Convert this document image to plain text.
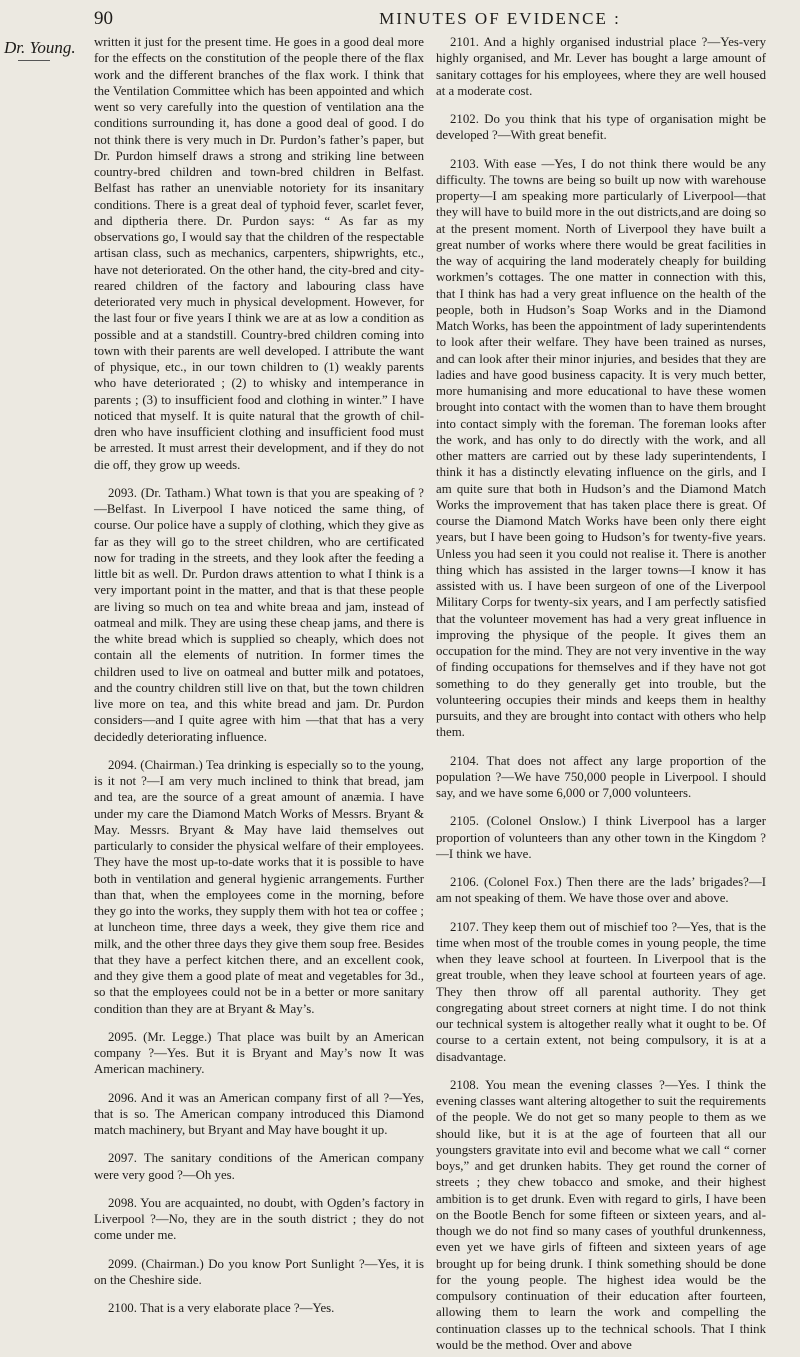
90	MINUTES OF EVIDENCE :
Dr. Young. written it just for the present time. He goes in a good deal more for the effects on the constitution of the people there of the flax work and the different branches of the flax work. I think that the Ventilation Committee which has been appointed and which went so very carefully into the question of ventilation ana the conditions surrounding it, has done a good deal of good. I do not think there is very much in Dr. Purdon’s father’s paper, but Dr. Purdon himself draws a strong and striking line between country-bred children and town-bred children in Belfast. Belfast has rather an unenviable notoriety for its insanitary conditions. There is a great deal of typhoid fever, scarlet fever, and diptheria there. Dr. Purdon says: “ As far as my observations go, I would say that the children of the respectable artisan class, such as mechanics, carpenters, shipwrights, etc., have not deteriorated. On the other hand, the city-bred and city-reared children of the factory and labouring class have deteriorated very much in physical development. However, for the last four or five years I think we are at as low a condition as possible and at a standstill. Country-bred children coming into town with their parents are well developed. I attribute the want of physique, etc., in our town children to (1) weakly parents who have deteriorated ; (2) to whisky and intemperance in parents ; (3) to insufficient food and clothing in winter.” I have noticed that myself. It is quite natural that the growth of children who have insufficient clothing and insufficient food must be arrested. It must arrest their development, and if they do not die off, they grow up weeds.

2093. (Dr. Tatham.) What town is that you are speaking of ?—Belfast. In Liverpool I have noticed the same thing, of course. Our police have a supply of clothing, which they give as far as they will go to the street children, who are certificated now for trading in the streets, and they look after the feeding a little bit as well. Dr. Purdon draws attention to what I think is a very important point in the matter, and that is that these people are living so much on tea and white breaa and jam, instead of oatmeal and milk. They are using these cheap jams, and there is the white bread which is supplied so cheaply, which does not contain all the elements of nutrition. In former times the children used to live on oatmeal and butter milk and potatoes, and the country children still live on that, but the town children live more on tea, and this white bread and jam. Dr. Purdon considers—and I quite agree with him —that that has a very decidedly deteriorating influence.

2094. (Chairman.) Tea drinking is especially so to the young, is it not ?—I am very much inclined to think that bread, jam and tea, are the source of a great amount of anæmia. I have under my care the Diamond Match Works of Messrs. Bryant & May. Messrs. Bryant & May have laid themselves out particularly to consider the physical welfare of their employees. They have the most up-to-date works that it is possible to have both in ventilation and general hygienic arrangements. Further than that, when the employees come in the morning, before they go into the works, they supply them with hot tea or coffee ; at luncheon time, three days a week, they give them rice and milk, and the other three days they give them soup free. Besides that they have a perfect kitchen there, and an excellent cook, and they give them a good plate of meat and vegetables for 3d., so that the employees could not be in a better or more sanitary condition than they are at Bryant & May’s.

2095. (Mr. Legge.) That place was built by an American company ?—Yes. But it is Bryant and May’s now It was American machinery.

2096. And it was an American company first of all ?—Yes, that is so. The American company introduced this Diamond match machinery, but Bryant and May have bought it up.

2097. The sanitary conditions of the American company were very good ?—Oh yes.

2098. You are acquainted, no doubt, with Ogden’s factory in Liverpool ?—No, they are in the south district ; they do not come under me.

2099. (Chairman.) Do you know Port Sunlight ?—Yes, it is on the Cheshire side.

2100. That is a very elaborate place ?—Yes.

2101. And a highly organised industrial place ?—Yes-very highly organised, and Mr. Lever has bought a large amount of sanitary cottages for his employees, where they are well housed at a moderate cost.

2102. Do you think that his type of organisation might be developed ?—With great benefit.

2103. With ease —Yes, I do not think there would be any difficulty. The towns are being so built up now with warehouse property—I am speaking more particularly of Liverpool—that they will have to build more in the out districts,and are doing so at the present moment. North of Liverpool they have built a great number of works where there would be great facilities in the way of acquiring the land moderately cheaply for building workmen’s cottages. The one matter in connection with this, that I think has had a very great influence on the health of the people, both in Hudson’s Soap Works and in the Diamond Match Works, has been the appointment of lady superintendents to look after their welfare. They have been trained as nurses, and can look after their minor injuries, and besides that they are ladies and have good business capacity. It is very much better, more humanising and more educational to have these women brought into contact with the women than to have them brought into contact simply with the foreman. The foreman looks after the work, and has only to do directly with the work, and all other matters are carried out by these lady superintendents, I think it has a distinctly elevating influence on the girls, and I am quite sure that both in Hudson’s and the Diamond Match Works the improvement that has taken place there is great. Of course the Diamond Match Works have been only there eight years, but I have been going to Hudson’s for twenty-five years. Unless you had seen it you could not realise it. There is another thing which has assisted in the larger towns—I know it has assisted with us. I have been surgeon of one of the Liverpool Military Corps for twenty-six years, and I am perfectly satisfied that the volunteer movement has had a very great influence in improving the physique of the people. It gives them an occupation for the mind. They are not very inventive in the way of finding occupations for themselves and if they have not got something to do they generally get into trouble, but the volunteering occupies their minds and keeps them in healthy pursuits, and they are brought into contact with others who help them.

2104. That does not affect any large proportion of the population ?—We have 750,000 people in Liverpool. I should say, and we have some 6,000 or 7,000 volunteers.

2105. (Colonel Onslow.) I think Liverpool has a larger proportion of volunteers than any other town in the Kingdom ?—I think we have.

2106. (Colonel Fox.) Then there are the lads’ brigades?—I am not speaking of them. We have those over and above.

2107. They keep them out of mischief too ?—Yes, that is the time when most of the trouble comes in young people, the time when they leave school at fourteen. In Liverpool that is the great trouble, when they leave school at fourteen years of age. They then throw off all parental authority. They get congregating about street corners at night time. I do not think our technical system is altogether really what it ought to be. Of course to a certain extent, not being compulsory, it is at a disadvantage.

2108. You mean the evening classes ?—Yes. I think the evening classes want altering altogether to suit the requirements of the people. We do not get so many people to them as we should like, but it is at the age of fourteen that all our youngsters gravitate into evil and become what we call “ corner boys,” and get drunken habits. They get round the corner of streets ; they chew tobacco and smoke, and their highest ambition is to get drunk. Even with regard to girls, I have been on the Bootle Bench for some fifteen or sixteen years, and although we do not find so many cases of youthful drunkenness, even yet we have girls of fifteen and sixteen years of age brought up for being drunk. I think something should be done for the young people. The highest idea would be the compulsory continuation of their education after fourteen, allowing them to learn the work and compelling the continuation classes up to the technical schools. That I think would be the method. Over and above
